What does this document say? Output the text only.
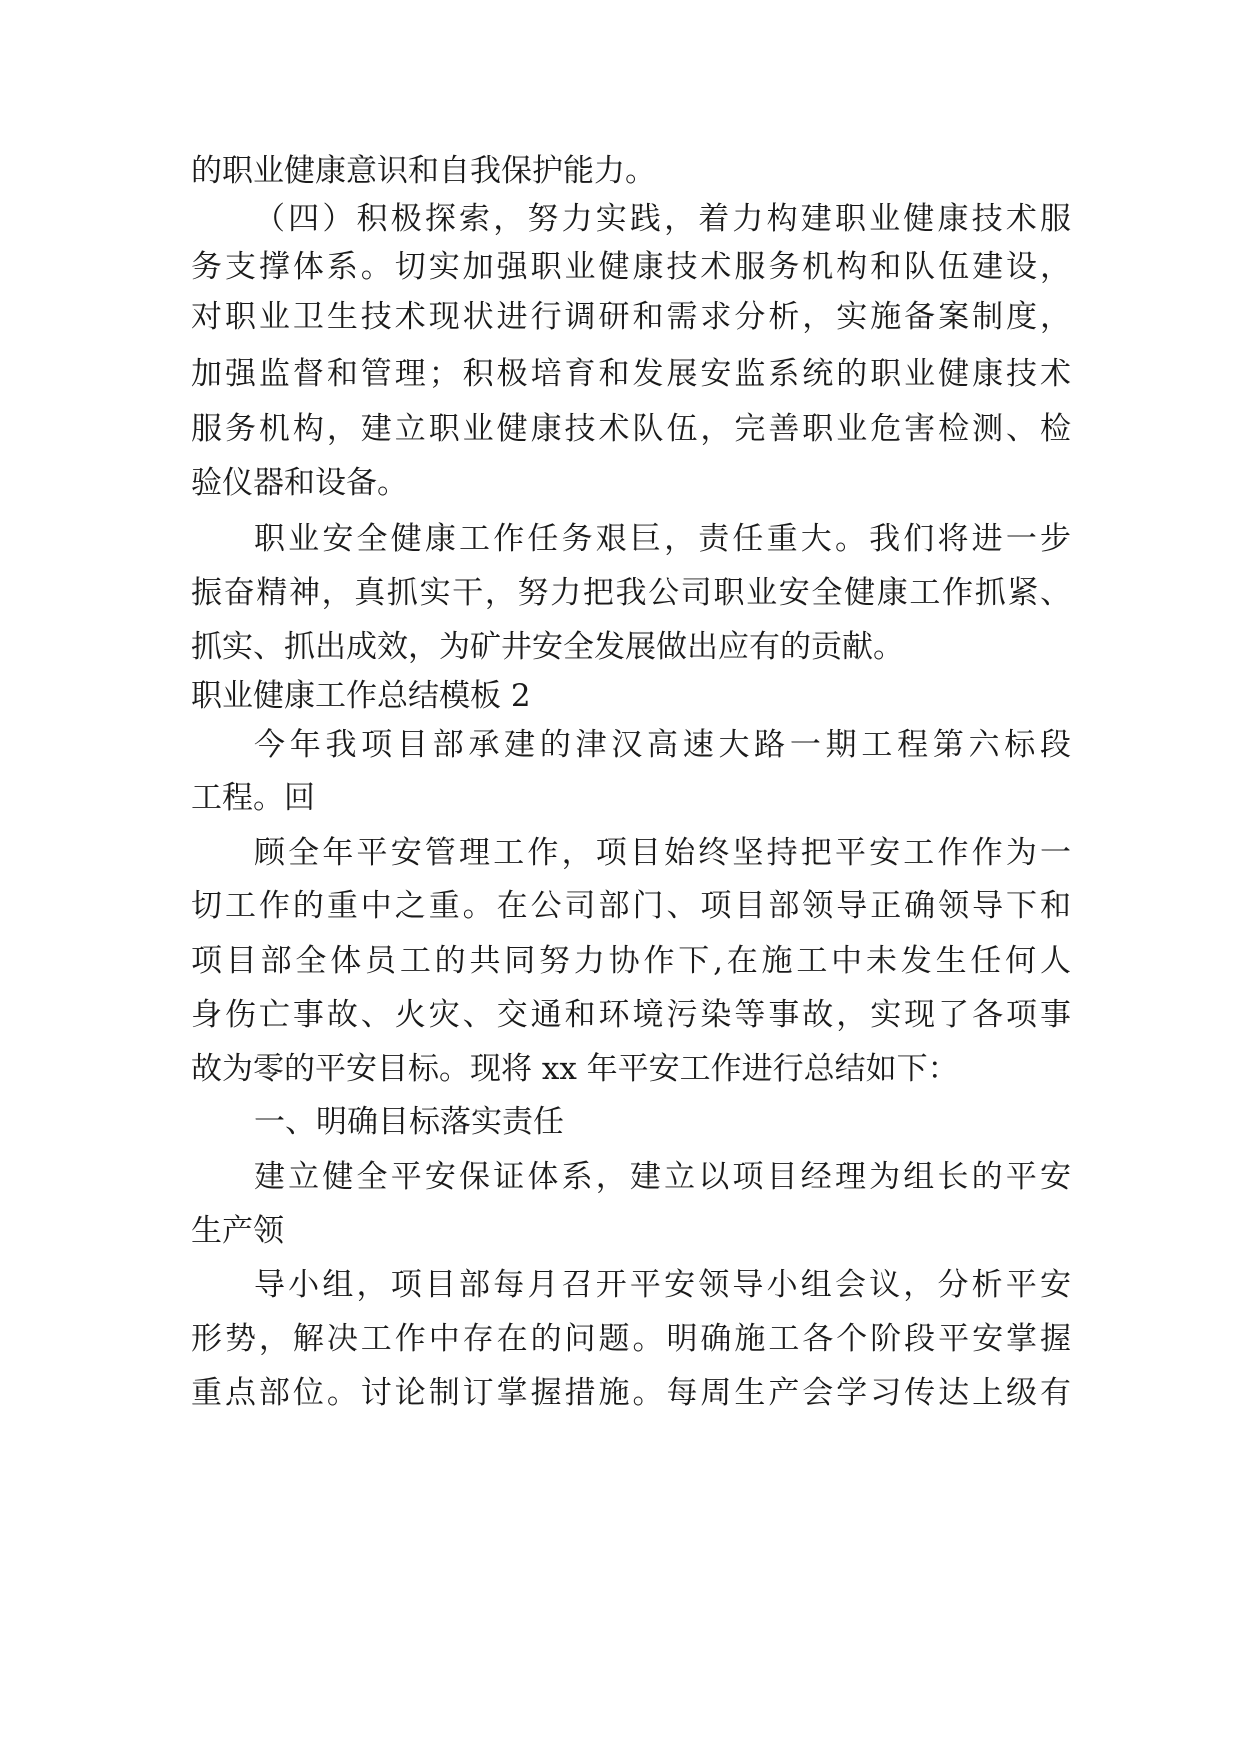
的职业健康意识和自我保护能力。
（四）积极探索，努力实践，着力构建职业健康技术服
务支撑体系。切实加强职业健康技术服务机构和队伍建设，
对职业卫生技术现状进行调研和需求分析，实施备案制度，
加强监督和管理；积极培育和发展安监系统的职业健康技术
服务机构，建立职业健康技术队伍，完善职业危害检测、检
验仪器和设备。
职业安全健康工作任务艰巨，责任重大。我们将进一步
振奋精神，真抓实干，努力把我公司职业安全健康工作抓紧、
抓实、抓出成效，为矿井安全发展做出应有的贡献。
职业健康工作总结模板 2
今年我项目部承建的津汉高速大路一期工程第六标段
工程。回
顾全年平安管理工作，项目始终坚持把平安工作作为一
切工作的重中之重。在公司部门、项目部领导正确领导下和
项目部全体员工的共同努力协作下,在施工中未发生任何人
身伤亡事故、火灾、交通和环境污染等事故，实现了各项事
故为零的平安目标。现将 xx 年平安工作进行总结如下：
一、明确目标落实责任
建立健全平安保证体系，建立以项目经理为组长的平安
生产领
导小组，项目部每月召开平安领导小组会议，分析平安
形势，解决工作中存在的问题。明确施工各个阶段平安掌握
重点部位。讨论制订掌握措施。每周生产会学习传达上级有
